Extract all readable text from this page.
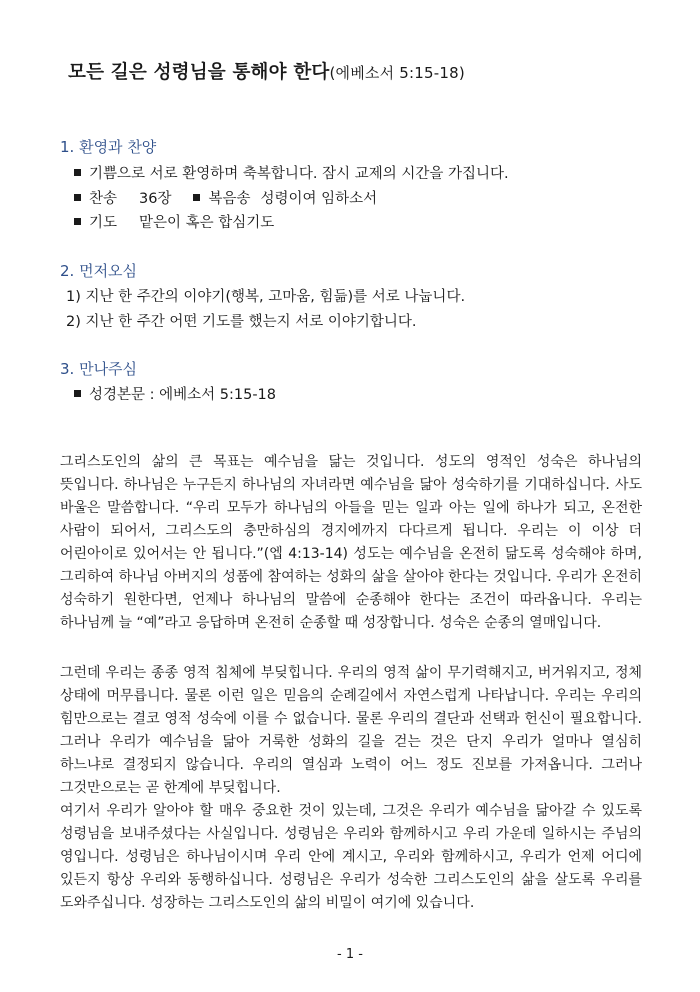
모든 길은 성령님을 통해야 한다(에베소서 5:15-18)
1. 환영과 찬양
기쁨으로 서로 환영하며 축복합니다. 잠시 교제의 시간을 가집니다.
찬송 36장	복음송 성령이여 임하소서
기도 맡은이 혹은 합심기도
2. 먼저오심
1) 지난 한 주간의 이야기(행복, 고마움, 힘듦)를 서로 나눕니다.
2) 지난 한 주간 어떤 기도를 했는지 서로 이야기합니다.
3. 만나주심
성경본문 : 에베소서 5:15-18
그리스도인의 삶의 큰 목표는 예수님을 닮는 것입니다. 성도의 영적인 성숙은 하나님의 뜻입니다. 하나님은 누구든지 하나님의 자녀라면 예수님을 닮아 성숙하기를 기대하십니다. 사도 바울은 말씀합니다. “우리 모두가 하나님의 아들을 믿는 일과 아는 일에 하나가 되고, 온전한 사람이 되어서, 그리스도의 충만하심의 경지에까지 다다르게 됩니다. 우리는 이 이상 더 어린아이로 있어서는 안 됩니다.”(엡 4:13-14) 성도는 예수님을 온전히 닮도록 성숙해야 하며, 그리하여 하나님 아버지의 성품에 참여하는 성화의 삶을 살아야 한다는 것입니다. 우리가 온전히 성숙하기 원한다면, 언제나 하나님의 말씀에 순종해야 한다는 조건이 따라옵니다. 우리는 하나님께 늘 “예”라고 응답하며 온전히 순종할 때 성장합니다. 성숙은 순종의 열매입니다.
그런데 우리는 종종 영적 침체에 부딪힙니다. 우리의 영적 삶이 무기력해지고, 버거워지고, 정체 상태에 머무릅니다. 물론 이런 일은 믿음의 순례길에서 자연스럽게 나타납니다. 우리는 우리의 힘만으로는 결코 영적 성숙에 이를 수 없습니다. 물론 우리의 결단과 선택과 헌신이 필요합니다. 그러나 우리가 예수님을 닮아 거룩한 성화의 길을 걷는 것은 단지 우리가 얼마나 열심히 하느냐로 결정되지 않습니다. 우리의 열심과 노력이 어느 정도 진보를 가져옵니다. 그러나 그것만으로는 곧 한계에 부딪힙니다.
여기서 우리가 알아야 할 매우 중요한 것이 있는데, 그것은 우리가 예수님을 닮아갈 수 있도록 성령님을 보내주셨다는 사실입니다. 성령님은 우리와 함께하시고 우리 가운데 일하시는 주님의 영입니다. 성령님은 하나님이시며 우리 안에 계시고, 우리와 함께하시고, 우리가 언제 어디에 있든지 항상 우리와 동행하십니다. 성령님은 우리가 성숙한 그리스도인의 삶을 살도록 우리를 도와주십니다. 성장하는 그리스도인의 삶의 비밀이 여기에 있습니다.
- 1 -
